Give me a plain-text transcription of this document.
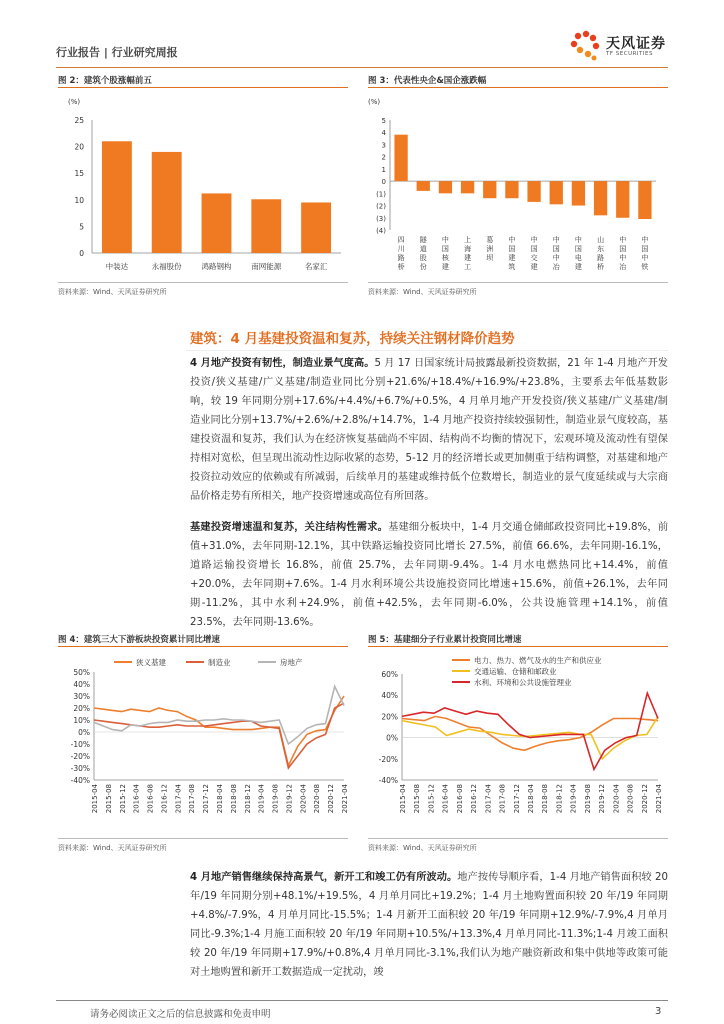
行业报告 | 行业研究周报
天风证券
TF SECURITIES
图 2：建筑个股涨幅前五
(%)
0
5
10
15
20
25
中装达	永福股份	鸿路钢构	南网能源	名家汇
资料来源：Wind、天风证券研究所
图 3：代表性央企&国企涨跌幅
(%)
5
4
3
2
1
0
(1)
(2)
(3)
(4)
四川路桥
隧道股份
中国核建
上海建工
葛洲坝
中国建筑
中国交建
中国中冶
中国电建
山东路桥
中国中冶
中国中铁
资料来源：Wind、天风证券研究所
建筑：4 月基建投资温和复苏，持续关注钢材降价趋势
4 月地产投资有韧性，制造业景气度高。5 月 17 日国家统计局披露最新投资数据，21 年 1-4 月地产开发投资/狭义基建/广义基建/制造业同比分别+21.6%/+18.4%/+16.9%/+23.8%，主要系去年低基数影响，较 19 年同期分别+17.6%/+4.4%/+6.7%/+0.5%，4 月单月地产开发投资/狭义基建/广义基建/制造业同比分别+13.7%/+2.6%/+2.8%/+14.7%，1-4 月地产投资持续较强韧性，制造业景气度较高，基建投资温和复苏，我们认为在经济恢复基础尚不牢固、结构尚不均衡的情况下，宏观环境及流动性有望保持相对宽松，但呈现出流动性边际收紧的态势，5-12 月的经济增长或更加侧重于结构调整，对基建和地产投资拉动效应的依赖或有所减弱，后续单月的基建或维持低个位数增长，制造业的景气度延续或与大宗商品价格走势有所相关，地产投资增速或高位有所回落。
基建投资增速温和复苏，关注结构性需求。基建细分板块中，1-4 月交通仓储邮政投资同比+19.8%，前值+31.0%，去年同期-12.1%，其中铁路运输投资同比增长 27.5%，前值 66.6%，去年同期-16.1%，道路运输投资增长 16.8%，前值 25.7%，去年同期-9.4%。1-4 月水电燃热同比+14.4%，前值+20.0%，去年同期+7.6%。1-4 月水利环境公共设施投资同比增速+15.6%，前值+26.1%，去年同期-11.2%，其中水利+24.9%，前值+42.5%，去年同期-6.0%，公共设施管理+14.1%，前值 23.5%，去年同期-13.6%。
图 4：建筑三大下游板块投资累计同比增速
狭义基建	制造业	房地产
50%
40%
30%
20%
10%
0%
-10%
-20%
-30%
-40%
2015-04 2015-08 2015-12 2016-04 2016-08 2016-12 2017-04 2017-08 2017-12 2018-04 2018-08 2018-12 2019-04 2019-08 2019-12 2020-04 2020-08 2020-12 2021-04
资料来源：Wind、天风证券研究所
图 5：基建细分子行业累计投资同比增速
电力、热力、燃气及水的生产和供应业
交通运输、仓储和邮政业
水利、环境和公共设施管理业
60%
40%
20%
0%
-20%
-40%
2015-04 2015-08 2015-12 2016-04 2016-08 2016-12 2017-04 2017-08 2017-12 2018-04 2018-08 2018-12 2019-04 2019-08 2019-12 2020-04 2020-08 2020-12 2021-04
资料来源：Wind、天风证券研究所
4 月地产销售继续保持高景气，新开工和竣工仍有所波动。地产按传导顺序看，1-4 月地产销售面积较 20 年/19 年同期分别+48.1%/+19.5%，4 月单月同比+19.2%；1-4 月土地购置面积较 20 年/19 年同期+4.8%/-7.9%，4 月单月同比-15.5%；1-4 月新开工面积较 20 年/19 年同期+12.9%/-7.9%,4 月单月同比-9.3%;1-4 月施工面积较 20 年/19 年同期+10.5%/+13.3%,4 月单月同比-11.3%;1-4 月竣工面积较 20 年/19 年同期+17.9%/+0.8%,4 月单月同比-3.1%,我们认为地产融资新政和集中供地等政策可能对土地购置和新开工数据造成一定扰动，竣
请务必阅读正文之后的信息披露和免责申明	3
